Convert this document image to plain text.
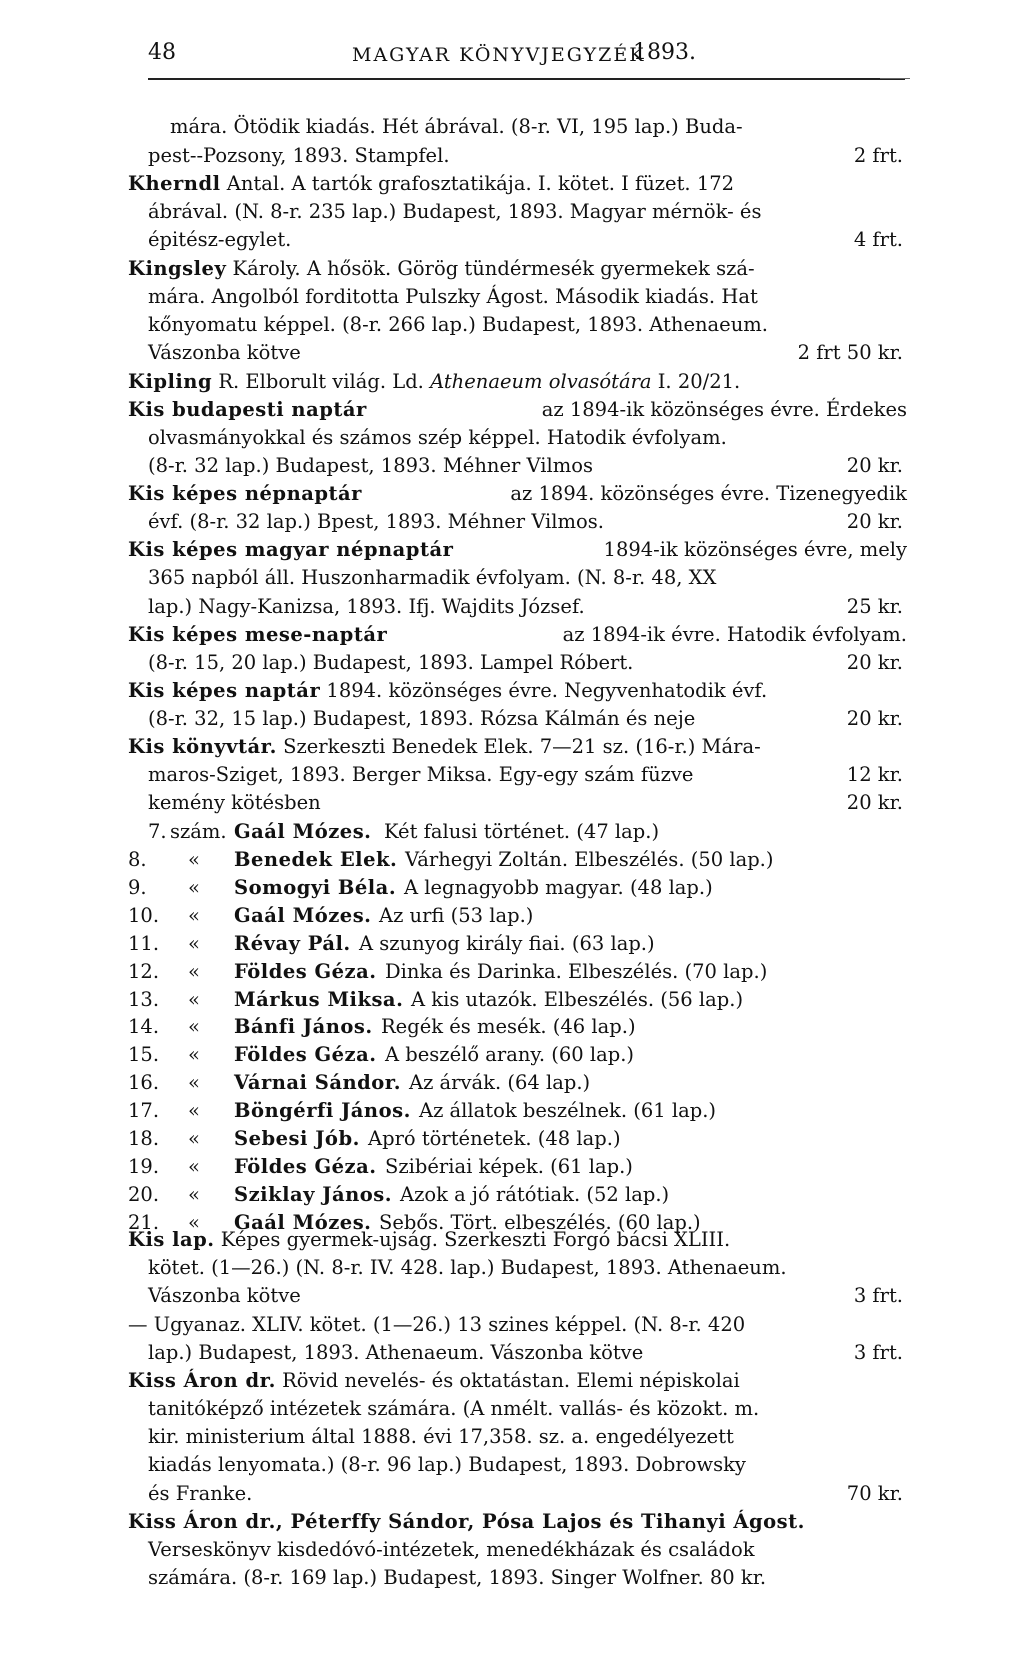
48	MAGYAR KÖNYVJEGYZÉK
1893.
mára. Ötödik kiadás. Hét ábrával. (8-r. VI, 195 lap.) Buda-
pest--Pozsony, 1893. Stampfel.	2 frt.
Kherndl Antal. A tartók grafosztatikája. I. kötet. I füzet. 172
ábrával. (N. 8-r. 235 lap.) Budapest, 1893. Magyar mérnök- és
épitész-egylet.	4 frt.
Kingsley Károly. A hősök. Görög tündérmesék gyermekek szá-
mára. Angolból forditotta Pulszky Ágost. Második kiadás. Hat
kőnyomatu képpel. (8-r. 266 lap.) Budapest, 1893. Athenaeum.
Vászonba kötve	2 frt 50 kr.
Kipling R. Elborult világ. Ld. Athenaeum olvasótára I. 20/21.
Kis budapesti naptár	az 1894-ik közönséges évre. Érdekes
olvasmányokkal és számos szép képpel. Hatodik évfolyam.
(8-r. 32 lap.) Budapest, 1893. Méhner Vilmos	20 kr.
Kis képes népnaptár	az 1894. közönséges évre. Tizenegyedik
évf. (8-r. 32 lap.) Bpest, 1893. Méhner Vilmos.	20 kr.
Kis képes magyar népnaptár	1894-ik közönséges évre, mely
365 napból áll. Huszonharmadik évfolyam. (N. 8-r. 48, XX
lap.) Nagy-Kanizsa, 1893. Ifj. Wajdits József.	25 kr.
Kis képes mese-naptár	az 1894-ik évre. Hatodik évfolyam.
(8-r. 15, 20 lap.) Budapest, 1893. Lampel Róbert.	20 kr.
Kis képes naptár 1894. közönséges évre. Negyvenhatodik évf.
(8-r. 32, 15 lap.) Budapest, 1893. Rózsa Kálmán és neje	20 kr.
Kis könyvtár. Szerkeszti Benedek Elek. 7—21 sz. (16-r.) Mára-
maros-Sziget, 1893. Berger Miksa. Egy-egy szám füzve	12 kr.
kemény kötésben	20 kr.
7. szám. Gaál Mózes. Két falusi történet. (47 lap.)
8. « Benedek Elek. Várhegyi Zoltán. Elbeszélés. (50 lap.)
9. « Somogyi Béla. A legnagyobb magyar. (48 lap.)
10. « Gaál Mózes. Az urfi (53 lap.)
11. « Révay Pál. A szunyog király fiai. (63 lap.)
12. « Földes Géza. Dinka és Darinka. Elbeszélés. (70 lap.)
13. « Márkus Miksa. A kis utazók. Elbeszélés. (56 lap.)
14. « Bánfi János. Regék és mesék. (46 lap.)
15. « Földes Géza. A beszélő arany. (60 lap.)
16. « Várnai Sándor. Az árvák. (64 lap.)
17. « Böngérfi János. Az állatok beszélnek. (61 lap.)
18. « Sebesi Jób. Apró történetek. (48 lap.)
19. « Földes Géza. Szibériai képek. (61 lap.)
20. « Sziklay János. Azok a jó rátótiak. (52 lap.)
21. « Gaál Mózes. Sebős. Tört. elbeszélés. (60 lap.)
Kis lap. Képes gyermek-ujság. Szerkeszti Forgó bácsi XLIII.
kötet. (1—26.) (N. 8-r. IV. 428. lap.) Budapest, 1893. Athenaeum.
Vászonba kötve	3 frt.
— Ugyanaz. XLIV. kötet. (1—26.) 13 szines képpel. (N. 8-r. 420
lap.) Budapest, 1893. Athenaeum. Vászonba kötve	3 frt.
Kiss Áron dr. Rövid nevelés- és oktatástan. Elemi népiskolai
tanitóképző intézetek számára. (A nmélt. vallás- és közokt. m.
kir. ministerium által 1888. évi 17,358. sz. a. engedélyezett
kiadás lenyomata.) (8-r. 96 lap.) Budapest, 1893. Dobrowsky
és Franke.	70 kr.
Kiss Áron dr., Péterffy Sándor, Pósa Lajos és Tihanyi Ágost.
Verseskönyv kisdedóvó-intézetek, menedékházak és családok
számára. (8-r. 169 lap.) Budapest, 1893. Singer Wolfner. 80 kr.
